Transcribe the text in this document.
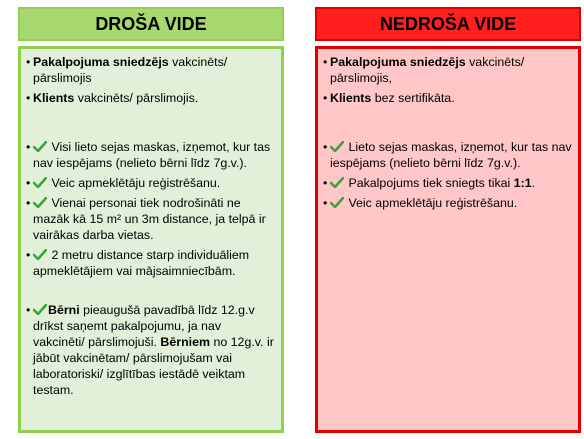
DROŠA VIDE
• Pakalpojuma sniedzējs vakcinēts/ pārslimojis
• Klients vakcinēts/ pārslimojis.
•	Visi lieto sejas maskas, izņemot, kur tas nav iespējams (nelieto bērni līdz 7g.v.).
•	Veic apmeklētāju reģistrēšanu.
•	Vienai personai tiek nodrošināti ne mazāk kā 15 m² un 3m distance, ja telpā ir vairākas darba vietas.
•	2 metru distance starp individuāliem apmeklētājiem vai mājsaimniecībām.
•	Bērni pieaugušā pavadībā līdz 12.g.v drīkst saņemt pakalpojumu, ja nav vakcinēti/ pārslimojuši. Bērniem no 12g.v. ir jābūt vakcinētam/ pārslimojušam vai laboratoriski/ izglītības iestādē veiktam testam.
NEDROŠA VIDE
• Pakalpojuma sniedzējs vakcinēts/ pārslimojis,
• Klients bez sertifikāta.
•	Lieto sejas maskas, izņemot, kur tas nav iespējams (nelieto bērni līdz 7g.v.).
•	Pakalpojums tiek sniegts tikai 1:1.
•	Veic apmeklētāju reģistrēšanu.
